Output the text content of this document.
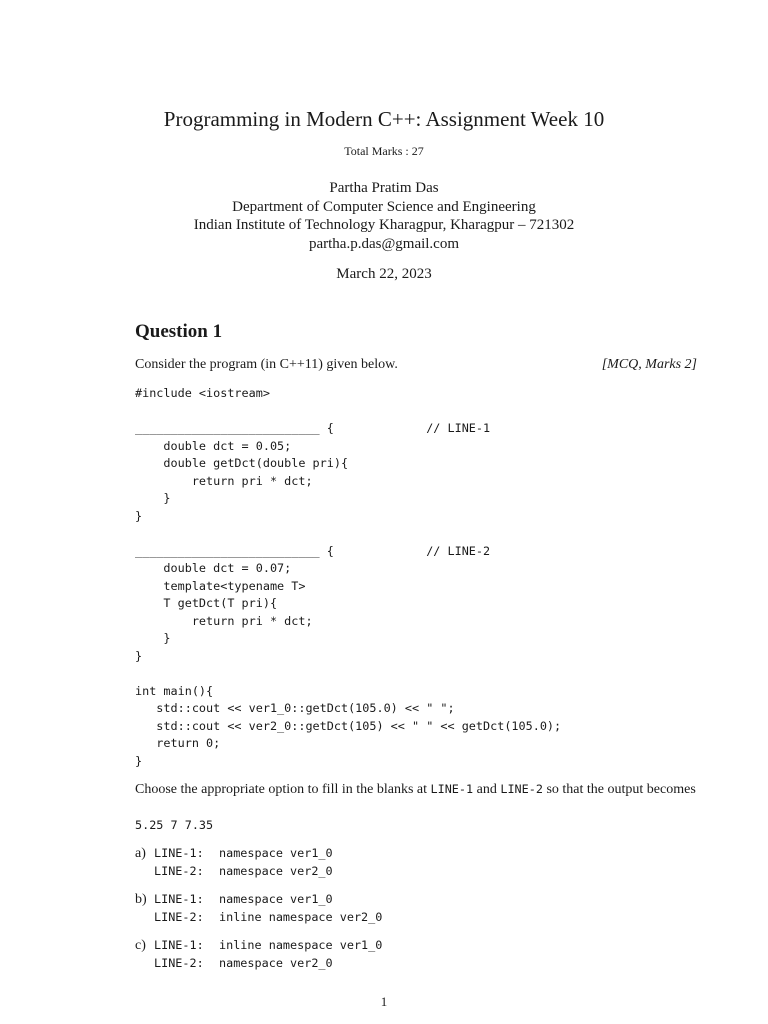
Programming in Modern C++: Assignment Week 10
Total Marks : 27
Partha Pratim Das
Department of Computer Science and Engineering
Indian Institute of Technology Kharagpur, Kharagpur – 721302
partha.p.das@gmail.com
March 22, 2023
Question 1
Consider the program (in C++11) given below.	[MCQ, Marks 2]
#include <iostream>

__________________________ {             // LINE-1
double dct = 0.05;
double getDct(double pri){
return pri * dct;
}
}

__________________________ {             // LINE-2
double dct = 0.07;
template<typename T>
T getDct(T pri){
return pri * dct;
}
}

int main(){
std::cout << ver1_0::getDct(105.0) << " ";
std::cout << ver2_0::getDct(105) << " " << getDct(105.0);
return 0;
}
Choose the appropriate option to fill in the blanks at LINE-1 and LINE-2 so that the output becomes
5.25 7 7.35
a) LINE-1:	namespace ver1_0
LINE-2:	namespace ver2_0
b) LINE-1:	namespace ver1_0
LINE-2:	inline namespace ver2_0
c) LINE-1:	inline namespace ver1_0
LINE-2:	namespace ver2_0
1
